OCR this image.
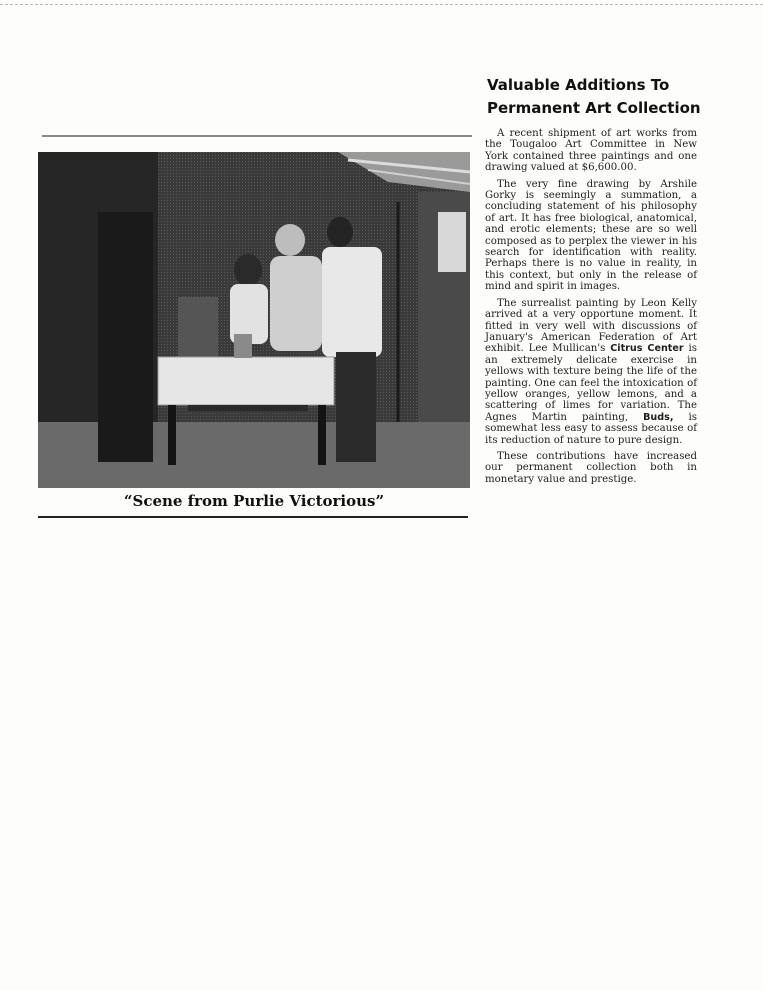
“Scene from Purlie Victorious”
Valuable Additions To
Permanent Art Collection

A recent shipment of art works from the Tougaloo Art Committee in New York contained three paintings and one drawing valued at $6,600.00.

The very fine drawing by Arshile Gorky is seemingly a summation, a concluding statement of his philosophy of art. It has free biological, anatomical, and erotic elements; these are so well composed as to perplex the viewer in his search for identification with reality. Perhaps there is no value in reality, in this context, but only in the release of mind and spirit in images.

The surrealist painting by Leon Kelly arrived at a very opportune moment. It fitted in very well with discussions of January's American Federation of Art exhibit. Lee Mullican's Citrus Center is an extremely delicate exercise in yellows with texture being the life of the painting. One can feel the intoxication of yellow oranges, yellow lemons, and a scattering of limes for variation. The Agnes Martin painting, Buds, is somewhat less easy to assess because of its reduction of nature to pure design.

These contributions have increased our permanent collection both in monetary value and prestige.
